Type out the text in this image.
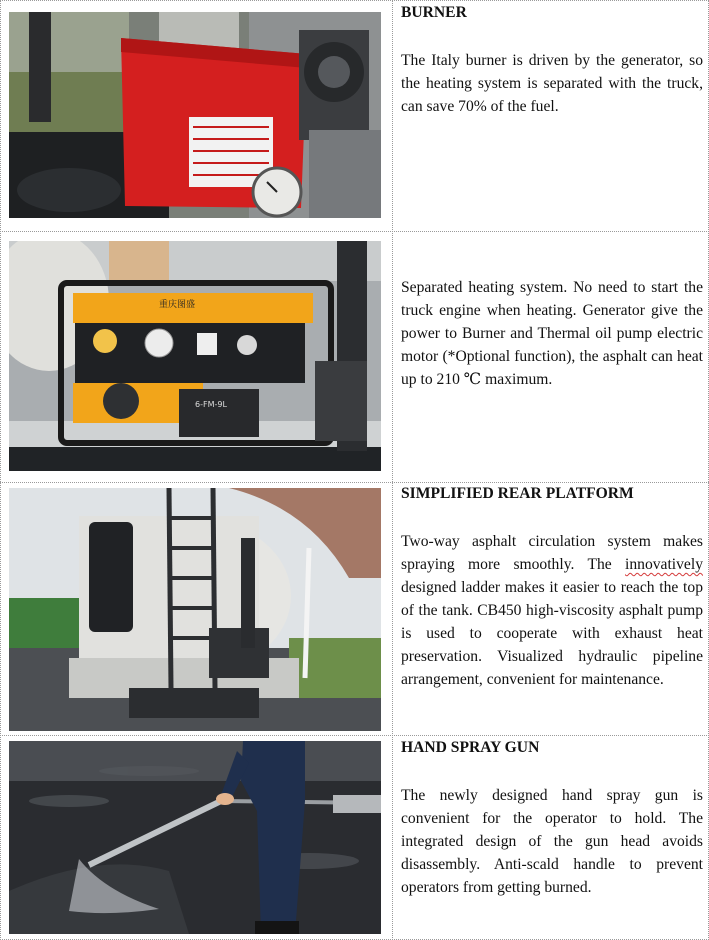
BURNER

The Italy burner is driven by the generator, so the heating system is separated with the truck, can save 70% of the fuel.

重庆图盛
6-FM-9L

Separated heating system. No need to start the truck engine when heating. Generator give the power to Burner and Thermal oil pump electric motor (*Optional function), the asphalt can heat up to 210 ℃ maximum.

SIMPLIFIED REAR PLATFORM

Two-way asphalt circulation system makes spraying more smoothly. The innovatively designed ladder makes it easier to reach the top of the tank. CB450 high-viscosity asphalt pump is used to cooperate with exhaust heat preservation. Visualized hydraulic pipeline arrangement, convenient for maintenance.

HAND SPRAY GUN

The newly designed hand spray gun is convenient for the operator to hold. The integrated design of the gun head avoids disassembly. Anti-scald handle to prevent operators from getting burned.
